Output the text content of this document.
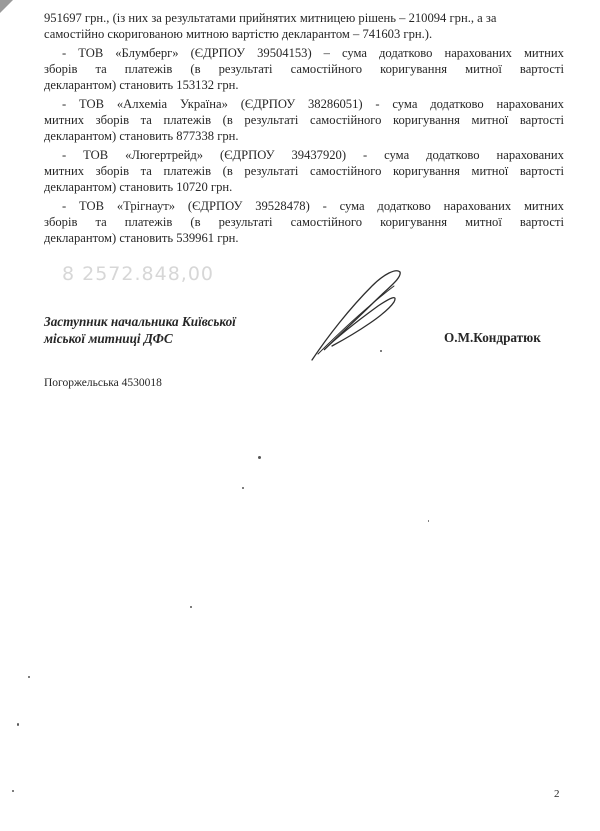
951697 грн., (із них за результатами прийнятих митницею рішень – 210094 грн., а за
самостійно скоригованою митною вартістю декларантом – 741603 грн.).
- ТОВ «Блумберг» (ЄДРПОУ 39504153) – сума додатково нарахованих митних
зборів та платежів (в результаті самостійного коригування митної вартості
декларантом) становить 153132 грн.
- ТОВ «Алхеміа Україна» (ЄДРПОУ 38286051) - сума додатково нарахованих
митних зборів та платежів (в результаті самостійного коригування митної вартості
декларантом) становить 877338 грн.
- ТОВ «Люгертрейд» (ЄДРПОУ 39437920) - сума додатково нарахованих
митних зборів та платежів (в результаті самостійного коригування митної вартості
декларантом) становить 10720 грн.
- ТОВ «Трігнаут» (ЄДРПОУ 39528478) - сума додатково нарахованих митних
зборів та платежів (в результаті самостійного коригування митної вартості
декларантом) становить 539961 грн.
8 2572.848,00
Заступник начальника Київської
міської митниці ДФС	О.М.Кондратюк
Погоржельська 4530018
2
